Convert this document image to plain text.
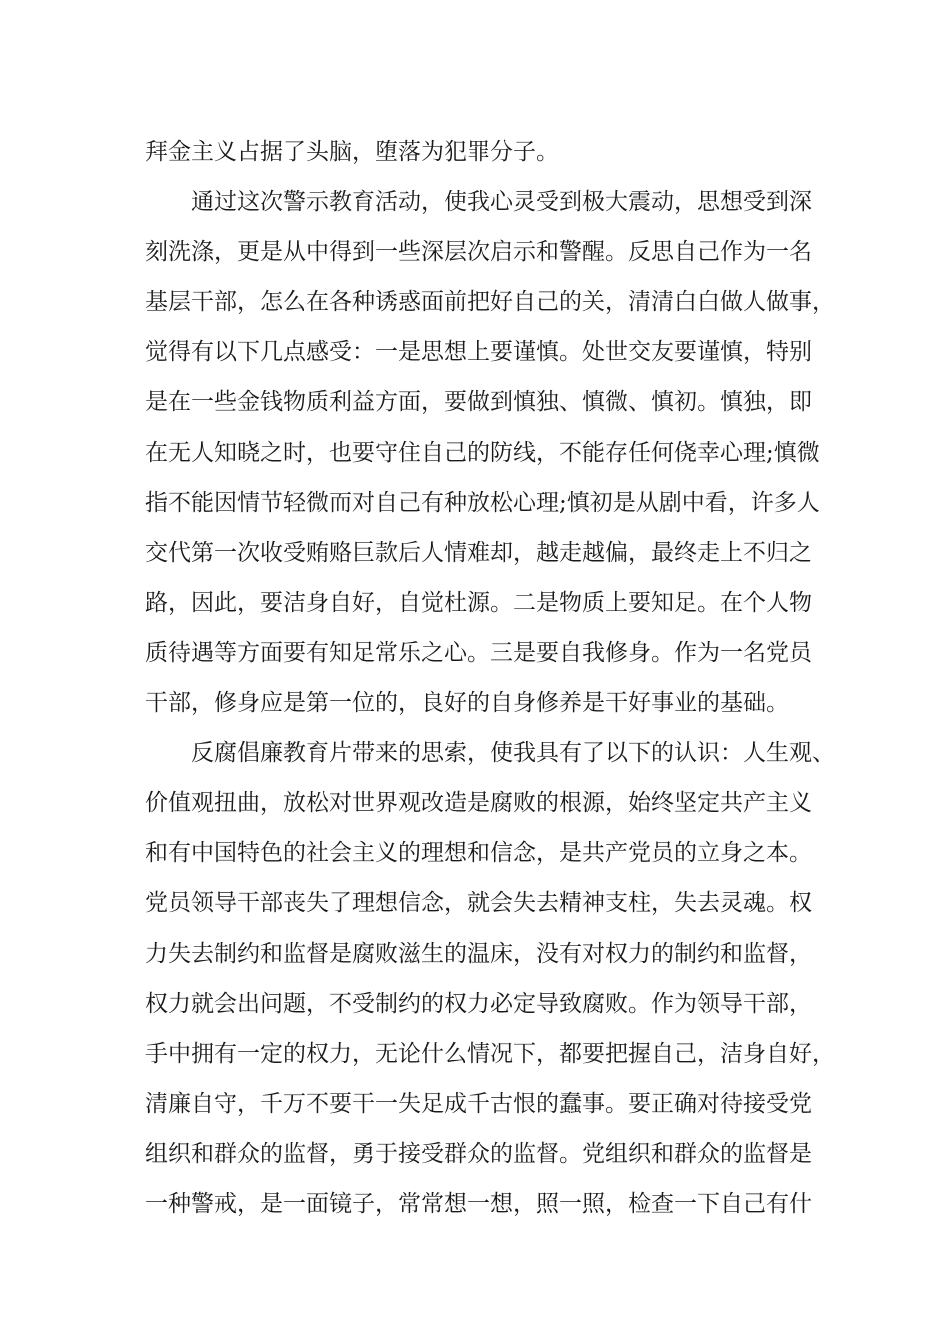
拜金主义占据了头脑，堕落为犯罪分子。
通过这次警示教育活动，使我心灵受到极大震动，思想受到深
刻洗涤，更是从中得到一些深层次启示和警醒。反思自己作为一名
基层干部，怎么在各种诱惑面前把好自己的关，清清白白做人做事，
觉得有以下几点感受：一是思想上要谨慎。处世交友要谨慎，特别
是在一些金钱物质利益方面，要做到慎独、慎微、慎初。慎独，即
在无人知晓之时，也要守住自己的防线，不能存任何侥幸心理;慎微
指不能因情节轻微而对自己有种放松心理;慎初是从剧中看，许多人
交代第一次收受贿赂巨款后人情难却，越走越偏，最终走上不归之
路，因此，要洁身自好，自觉杜源。二是物质上要知足。在个人物
质待遇等方面要有知足常乐之心。三是要自我修身。作为一名党员
干部，修身应是第一位的，良好的自身修养是干好事业的基础。
反腐倡廉教育片带来的思索，使我具有了以下的认识：人生观、
价值观扭曲，放松对世界观改造是腐败的根源，始终坚定共产主义
和有中国特色的社会主义的理想和信念，是共产党员的立身之本。
党员领导干部丧失了理想信念，就会失去精神支柱，失去灵魂。权
力失去制约和监督是腐败滋生的温床，没有对权力的制约和监督，
权力就会出问题，不受制约的权力必定导致腐败。作为领导干部，
手中拥有一定的权力，无论什么情况下，都要把握自己，洁身自好，
清廉自守，千万不要干一失足成千古恨的蠢事。要正确对待接受党
组织和群众的监督，勇于接受群众的监督。党组织和群众的监督是
一种警戒，是一面镜子，常常想一想，照一照，检查一下自己有什
